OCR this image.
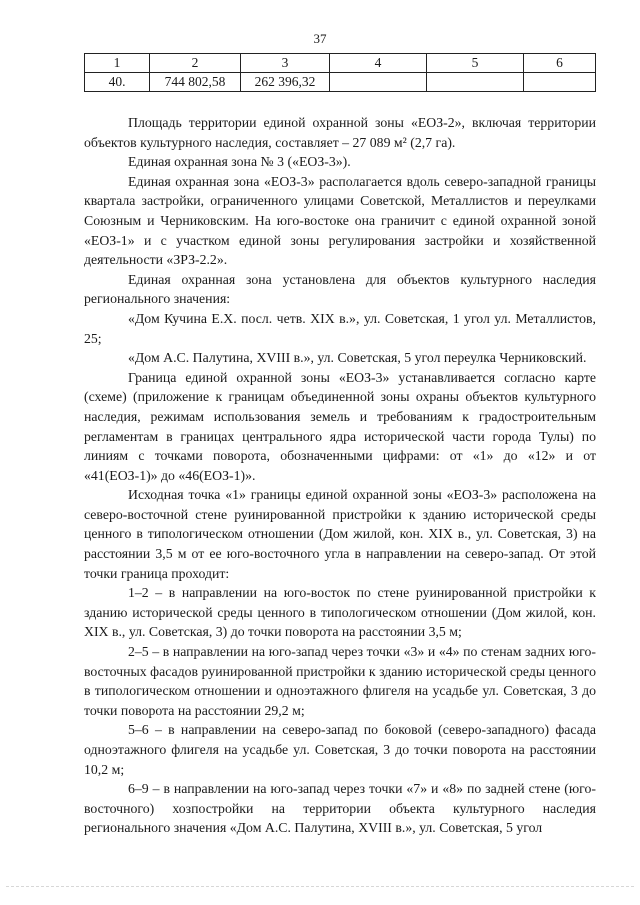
37
1	2	3	4	5	6
40.	744 802,58	262 396,32			

Площадь территории единой охранной зоны «ЕОЗ-2», включая территории объектов культурного наследия, составляет – 27 089 м² (2,7 га).

Единая охранная зона № 3 («ЕОЗ-3»).

Единая охранная зона «ЕОЗ-3» располагается вдоль северо-западной границы квартала застройки, ограниченного улицами Советской, Металлистов и переулками Союзным и Черниковским. На юго-востоке она граничит с единой охранной зоной «ЕОЗ-1» и с участком единой зоны регулирования застройки и хозяйственной деятельности «ЗРЗ-2.2».

Единая охранная зона установлена для объектов культурного наследия регионального значения:

«Дом Кучина Е.Х. посл. четв. XIX в.», ул. Советская, 1 угол ул. Металлистов, 25;

«Дом А.С. Палутина, XVIII в.», ул. Советская, 5 угол переулка Черниковский.

Граница единой охранной зоны «ЕОЗ-3» устанавливается согласно карте (схеме) (приложение к границам объединенной зоны охраны объектов культурного наследия, режимам использования земель и требованиям к градостроительным регламентам в границах центрального ядра исторической части города Тулы) по линиям с точками поворота, обозначенными цифрами: от «1» до «12» и от «41(ЕОЗ-1)» до «46(ЕОЗ-1)».

Исходная точка «1» границы единой охранной зоны «ЕОЗ-3» расположена на северо-восточной стене руинированной пристройки к зданию исторической среды ценного в типологическом отношении (Дом жилой, кон. XIX в., ул. Советская, 3) на расстоянии 3,5 м от ее юго-восточного угла в направлении на северо-запад. От этой точки граница проходит:

1–2 – в направлении на юго-восток по стене руинированной пристройки к зданию исторической среды ценного в типологическом отношении (Дом жилой, кон. XIX в., ул. Советская, 3) до точки поворота на расстоянии 3,5 м;

2–5 – в направлении на юго-запад через точки «3» и «4» по стенам задних юго-восточных фасадов руинированной пристройки к зданию исторической среды ценного в типологическом отношении и одноэтажного флигеля на усадьбе ул. Советская, 3 до точки поворота на расстоянии 29,2 м;

5–6 – в направлении на северо-запад по боковой (северо-западного) фасада одноэтажного флигеля на усадьбе ул. Советская, 3 до точки поворота на расстоянии 10,2 м;

6–9 – в направлении на юго-запад через точки «7» и «8» по задней стене (юго-восточного) хозпостройки на территории объекта культурного наследия регионального значения «Дом А.С. Палутина, XVIII в.», ул. Советская, 5 угол
